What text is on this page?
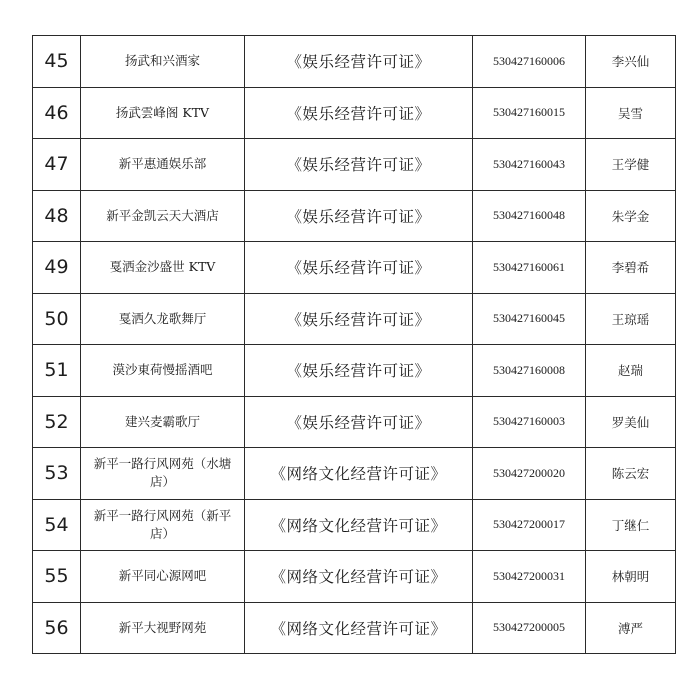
45	扬武和兴酒家	《娱乐经营许可证》	530427160006	李兴仙
46	扬武雲峰阁 KTV	《娱乐经营许可证》	530427160015	吴雪
47	新平惠通娱乐部	《娱乐经营许可证》	530427160043	王学健
48	新平金凯云天大酒店	《娱乐经营许可证》	530427160048	朱学金
49	戛洒金沙盛世 KTV	《娱乐经营许可证》	530427160061	李碧希
50	戛洒久龙歌舞厅	《娱乐经营许可证》	530427160045	王琼瑶
51	漠沙東荷慢摇酒吧	《娱乐经营许可证》	530427160008	赵瑞
52	建兴麦霸歌厅	《娱乐经营许可证》	530427160003	罗美仙
53	新平一路行风网苑（水塘店）	《网络文化经营许可证》	530427200020	陈云宏
54	新平一路行风网苑（新平店）	《网络文化经营许可证》	530427200017	丁继仁
55	新平同心源网吧	《网络文化经营许可证》	530427200031	林朝明
56	新平大视野网苑	《网络文化经营许可证》	530427200005	溥严
